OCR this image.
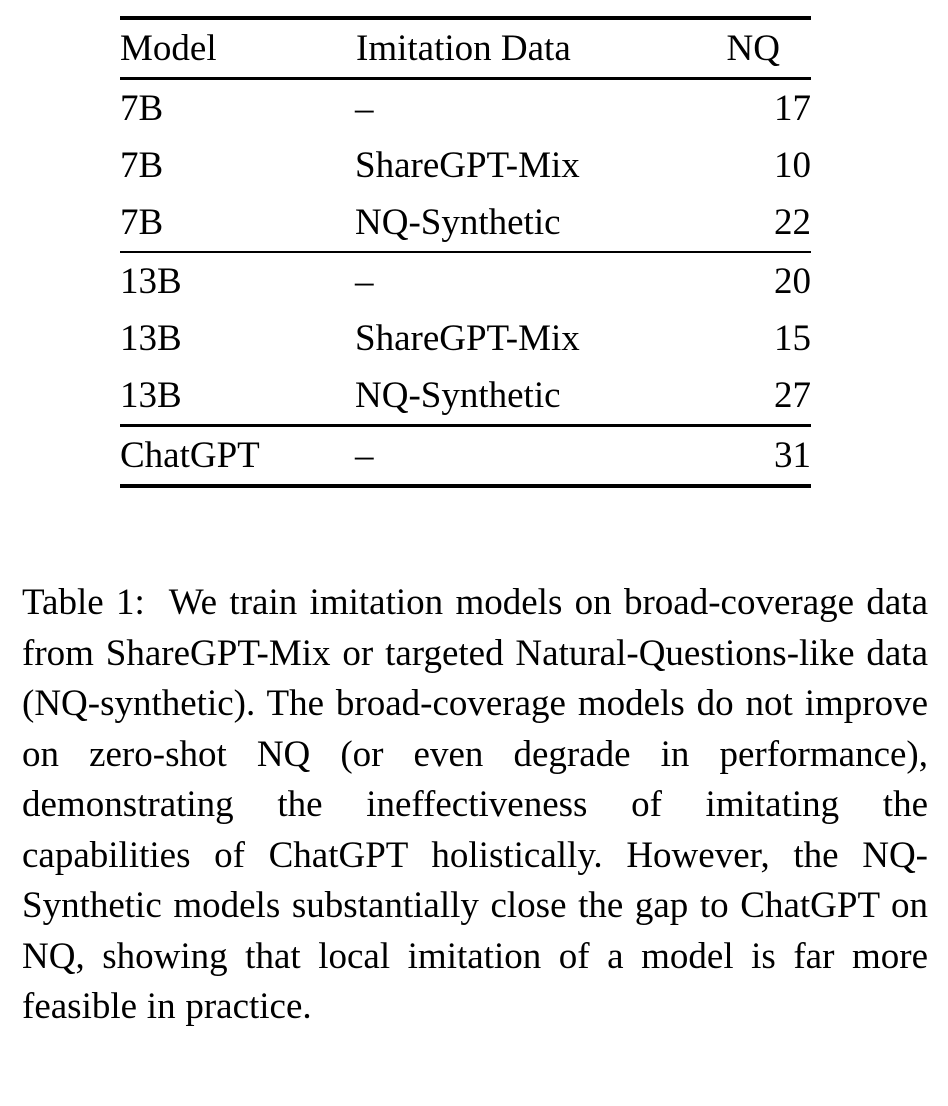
Model	Imitation Data	NQ
7B	–	17
7B	ShareGPT-Mix	10
7B	NQ-Synthetic	22
13B	–	20
13B	ShareGPT-Mix	15
13B	NQ-Synthetic	27
ChatGPT	–	31
Table 1: We train imitation models on broad-coverage data from ShareGPT-Mix or targeted Natural-Questions-like data (NQ-synthetic). The broad-coverage models do not improve on zero-shot NQ (or even degrade in performance), demonstrating the ineffectiveness of imitating the capabilities of ChatGPT holistically. However, the NQ-Synthetic models substantially close the gap to ChatGPT on NQ, showing that local imitation of a model is far more feasible in practice.
